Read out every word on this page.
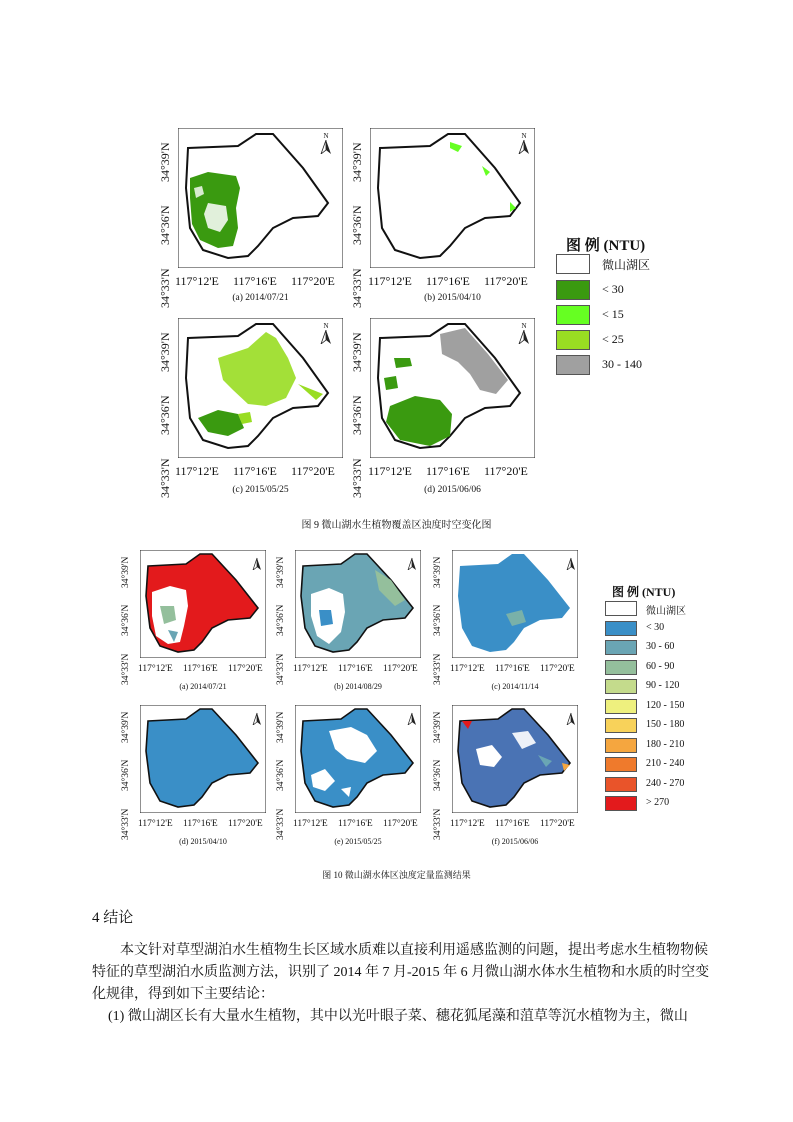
34°39'N
34°36'N
34°33'N 117°12'E 117°16'E 117°20'E
(a) 2014/07/21
34°39'N
34°36'N
34°33'N 117°12'E 117°16'E 117°20'E
(b) 2015/04/10
34°39'N
34°36'N
34°33'N 117°12'E 117°16'E 117°20'E
(c) 2015/05/25
34°39'N
34°36'N
34°33'N 117°12'E 117°16'E 117°20'E
(d) 2015/06/06
N	N
N	N
图 例 (NTU)
微山湖区
< 30
< 15
< 25
30 - 140
图 9 微山湖水生植物覆盖区浊度时空变化图
34°39'N
34°36'N
34°33'N
34°39'N
34°36'N
34°33'N
34°39'N
34°36'N
34°33'N
117°12'E 117°16'E 117°20'E	117°12'E 117°16'E 117°20'E	117°12'E 117°16'E 117°20'E
(a) 2014/07/21	(b) 2014/08/29	(c) 2014/11/14
34°39'N
34°36'N
34°33'N
34°39'N
34°36'N
34°33'N
34°39'N
34°36'N
34°33'N
117°12'E 117°16'E 117°20'E	117°12'E 117°16'E 117°20'E	117°12'E 117°16'E 117°20'E
(d) 2015/04/10	(e) 2015/05/25	(f) 2015/06/06
图 例 (NTU)
微山湖区
< 30
30 - 60
60 - 90
90 - 120
120 - 150
150 - 180
180 - 210
210 - 240
240 - 270
> 270
图 10 微山湖水体区浊度定量监测结果
4 结论
本文针对草型湖泊水生植物生长区域水质难以直接利用遥感监测的问题，提出考虑水生植物物候
特征的草型湖泊水质监测方法，识别了 2014 年 7 月-2015 年 6 月微山湖水体水生植物和水质的时空变
化规律，得到如下主要结论：
(1) 微山湖区长有大量水生植物，其中以光叶眼子菜、穗花狐尾藻和菹草等沉水植物为主，微山
